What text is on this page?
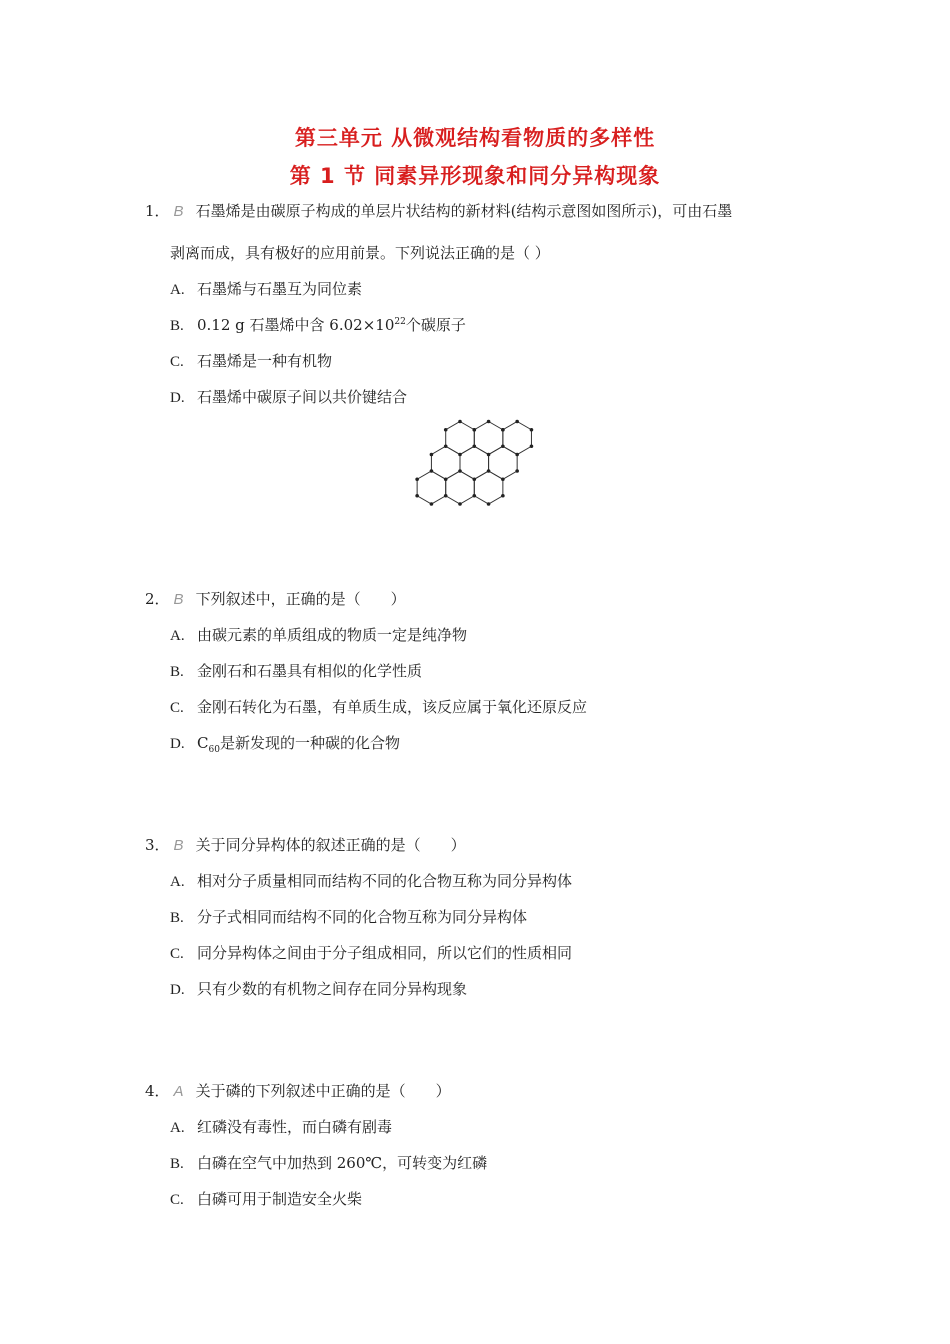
第三单元 从微观结构看物质的多样性
第 1 节 同素异形现象和同分异构现象
1． B 石墨烯是由碳原子构成的单层片状结构的新材料(结构示意图如图所示)，可由石墨
剥离而成，具有极好的应用前景。下列说法正确的是（ ）
A. 石墨烯与石墨互为同位素
B. 0.12 g 石墨烯中含 $6.02\times 10^{22}$个碳原子
C. 石墨烯是一种有机物
D. 石墨烯中碳原子间以共价键结合
2． B 下列叙述中，正确的是（　　）
A. 由碳元素的单质组成的物质一定是纯净物
B. 金刚石和石墨具有相似的化学性质
C. 金刚石转化为石墨，有单质生成，该反应属于氧化还原反应
D. $C_{60}$是新发现的一种碳的化合物
3． B 关于同分异构体的叙述正确的是（　　）
A. 相对分子质量相同而结构不同的化合物互称为同分异构体
B. 分子式相同而结构不同的化合物互称为同分异构体
C. 同分异构体之间由于分子组成相同，所以它们的性质相同
D. 只有少数的有机物之间存在同分异构现象
4． A 关于磷的下列叙述中正确的是（　　）
A. 红磷没有毒性，而白磷有剧毒
B. 白磷在空气中加热到 260℃，可转变为红磷
C. 白磷可用于制造安全火柴
